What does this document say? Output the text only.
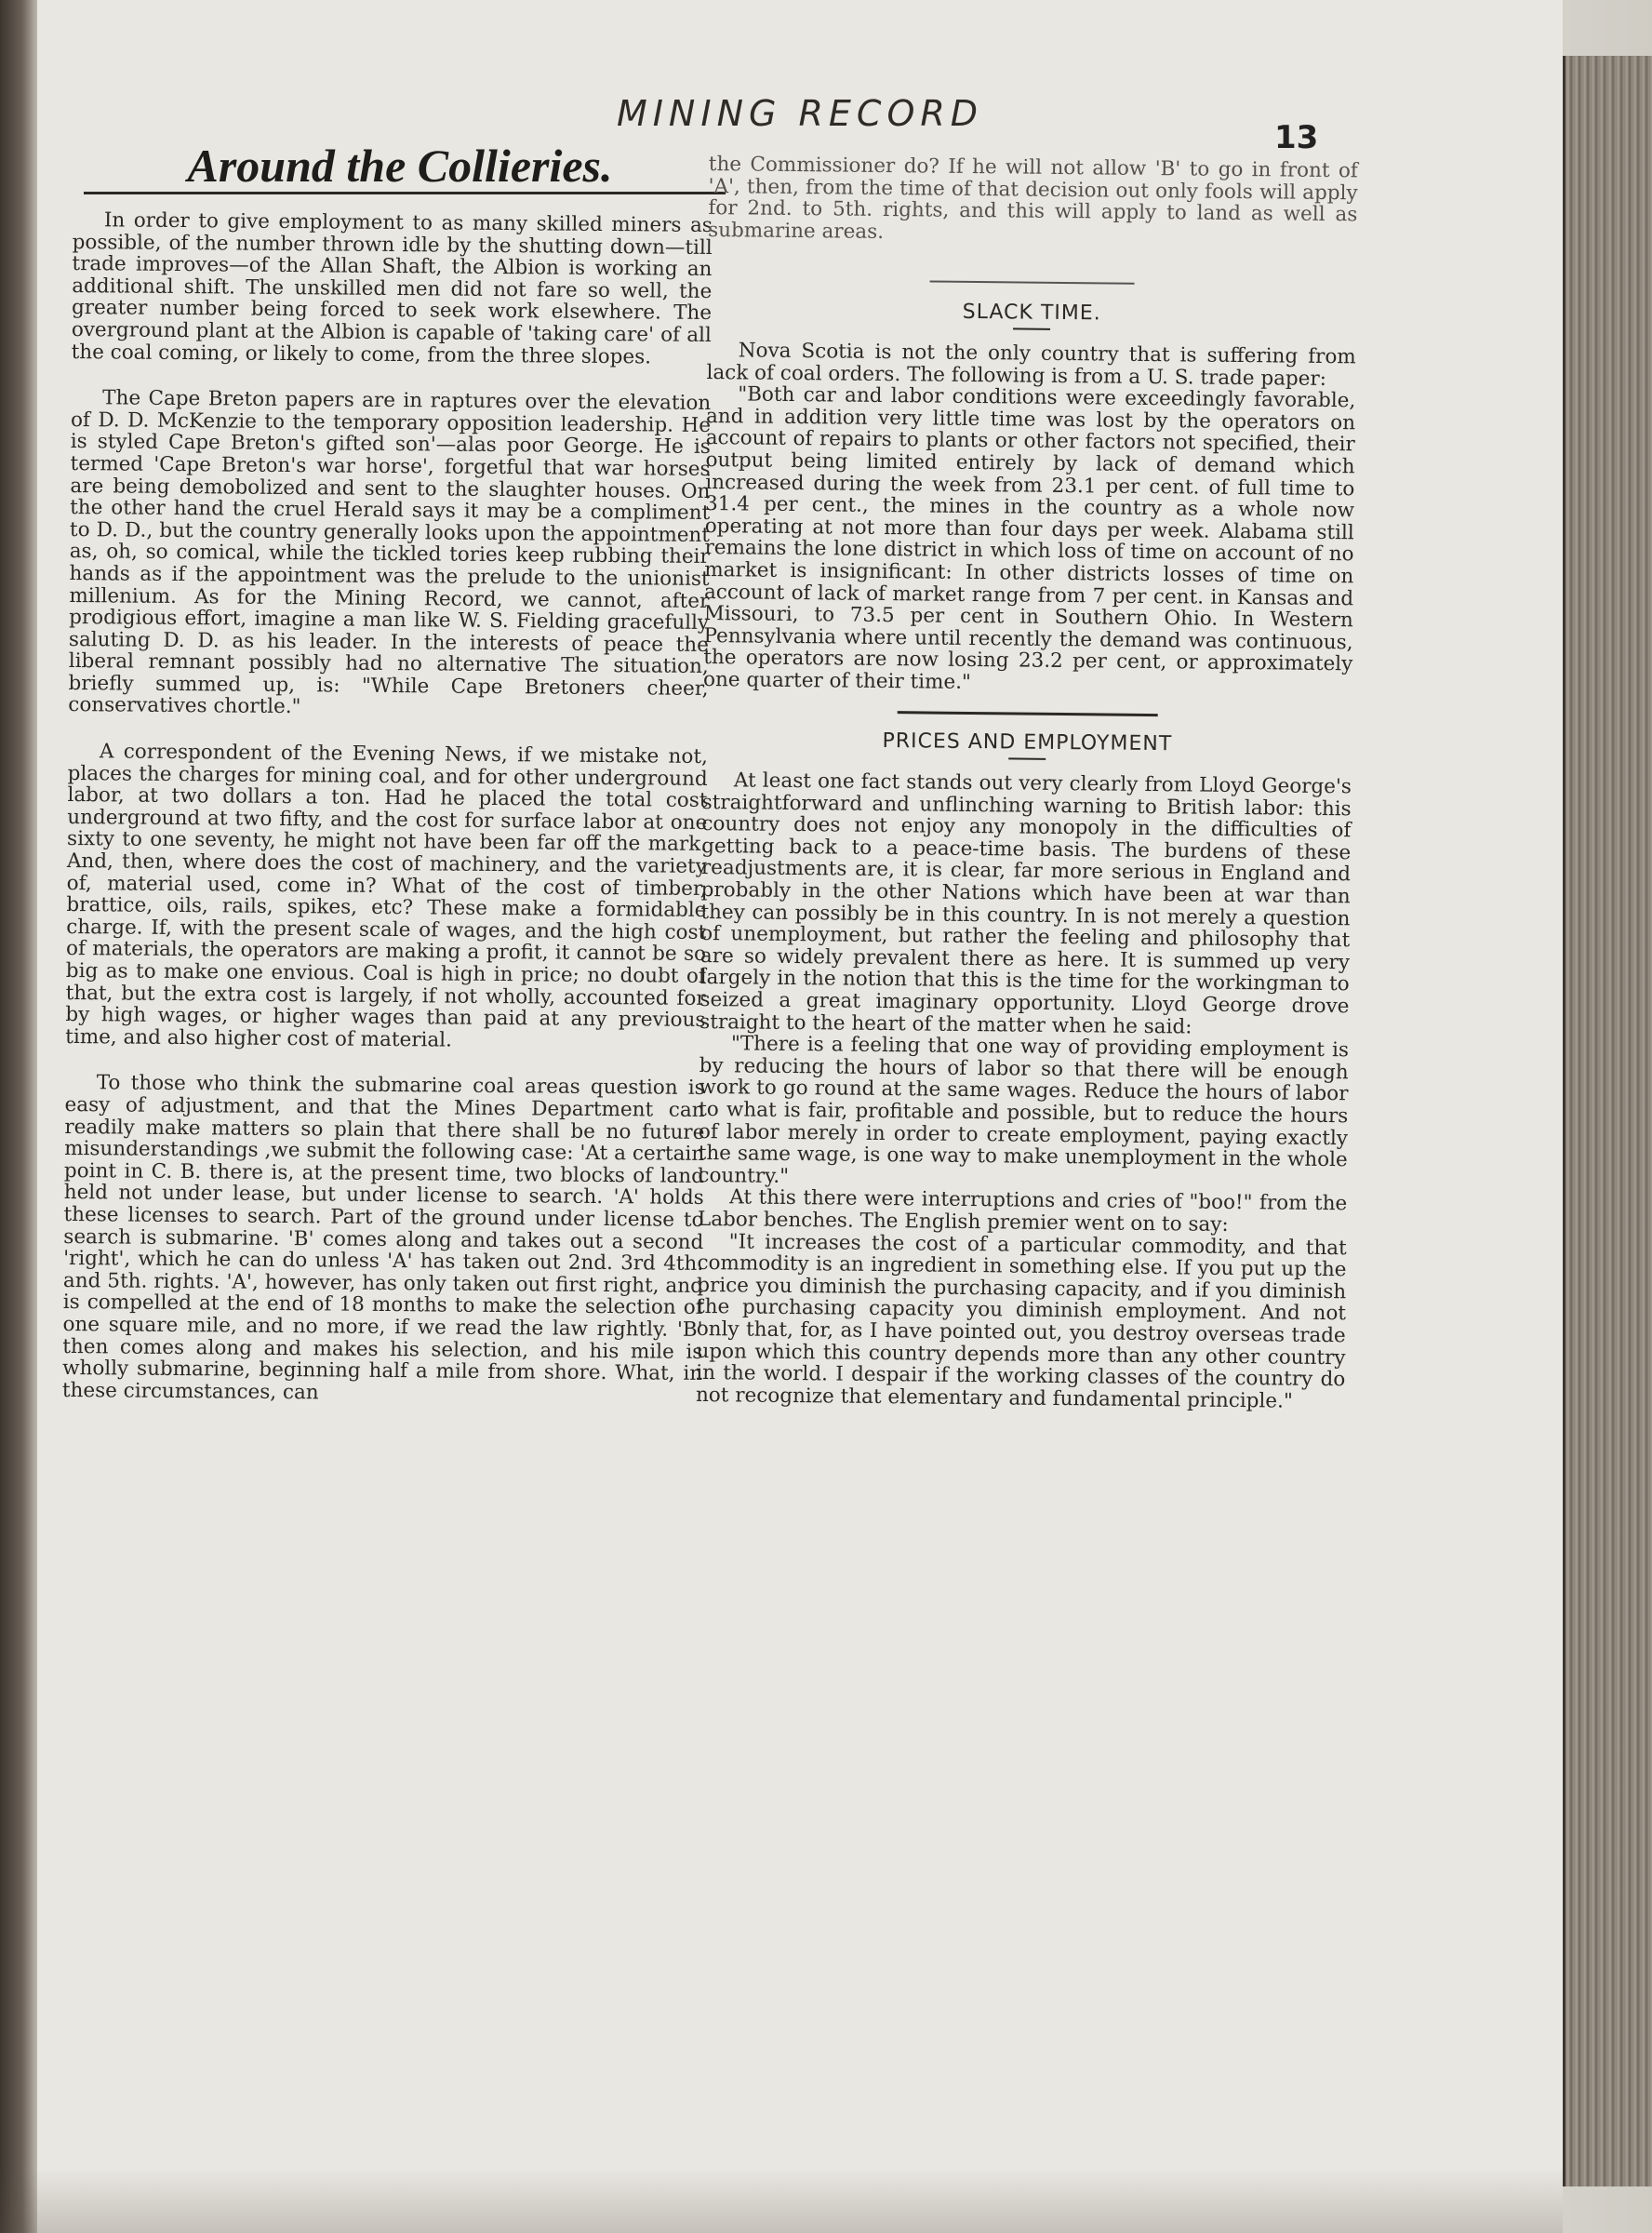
MINING RECORD
13
Around the Collieries.

In order to give employment to as many skilled miners as possible, of the number thrown idle by the shutting down—till trade improves—of the Allan Shaft, the Albion is working an additional shift. The unskilled men did not fare so well, the greater number being forced to seek work elsewhere. The overground plant at the Albion is capable of 'taking care' of all the coal coming, or likely to come, from the three slopes.

The Cape Breton papers are in raptures over the elevation of D. D. McKenzie to the temporary opposition leadership. He is styled Cape Breton's gifted son'—alas poor George. He is termed 'Cape Breton's war horse', forgetful that war horses are being demobolized and sent to the slaughter houses. On the other hand the cruel Herald says it may be a compliment to D. D., but the country generally looks upon the appointment as, oh, so comical, while the tickled tories keep rubbing their hands as if the appointment was the prelude to the unionist millenium. As for the Mining Record, we cannot, after prodigious effort, imagine a man like W. S. Fielding gracefully saluting D. D. as his leader. In the interests of peace the liberal remnant possibly had no alternative The situation, briefly summed up, is: "While Cape Bretoners cheer, conservatives chortle."

A correspondent of the Evening News, if we mistake not, places the charges for mining coal, and for other underground labor, at two dollars a ton. Had he placed the total cost underground at two fifty, and the cost for surface labor at one sixty to one seventy, he might not have been far off the mark. And, then, where does the cost of machinery, and the variety of, material used, come in? What of the cost of timber, brattice, oils, rails, spikes, etc? These make a formidable charge. If, with the present scale of wages, and the high cost of materials, the operators are making a profit, it cannot be so big as to make one envious. Coal is high in price; no doubt of that, but the extra cost is largely, if not wholly, accounted for by high wages, or higher wages than paid at any previous time, and also higher cost of material.

To those who think the submarine coal areas question is easy of adjustment, and that the Mines Department can readily make matters so plain that there shall be no future misunderstandings ,we submit the following case: 'At a certain point in C. B. there is, at the present time, two blocks of land held not under lease, but under license to search. 'A' holds these licenses to search. Part of the ground under license to search is submarine. 'B' comes along and takes out a second 'right', which he can do unless 'A' has taken out 2nd. 3rd 4th. and 5th. rights. 'A', however, has only taken out first right, and is compelled at the end of 18 months to make the selection of one square mile, and no more, if we read the law rightly. 'B' then comes along and makes his selection, and his mile is wholly submarine, beginning half a mile from shore. What, in these circumstances, can

the Commissioner do? If he will not allow 'B' to go in front of 'A', then, from the time of that decision out only fools will apply for 2nd. to 5th. rights, and this will apply to land as well as submarine areas.

SLACK TIME.

Nova Scotia is not the only country that is suffering from lack of coal orders. The following is from a U. S. trade paper:

"Both car and labor conditions were exceedingly favorable, and in addition very little time was lost by the operators on account of repairs to plants or other factors not specified, their output being limited entirely by lack of demand which increased during the week from 23.1 per cent. of full time to 31.4 per cent., the mines in the country as a whole now operating at not more than four days per week. Alabama still remains the lone district in which loss of time on account of no market is insignificant: In other districts losses of time on account of lack of market range from 7 per cent. in Kansas and Missouri, to 73.5 per cent in Southern Ohio. In Western Pennsylvania where until recently the demand was continuous, the operators are now losing 23.2 per cent, or approximately one quarter of their time."

PRICES AND EMPLOYMENT

At least one fact stands out very clearly from Lloyd George's straightforward and unflinching warning to British labor: this country does not enjoy any monopoly in the difficulties of getting back to a peace-time basis. The burdens of these readjustments are, it is clear, far more serious in England and probably in the other Nations which have been at war than they can possibly be in this country. In is not merely a question of unemployment, but rather the feeling and philosophy that are so widely prevalent there as here. It is summed up very largely in the notion that this is the time for the workingman to seized a great imaginary opportunity. Lloyd George drove straight to the heart of the matter when he said:

"There is a feeling that one way of providing employment is by reducing the hours of labor so that there will be enough work to go round at the same wages. Reduce the hours of labor to what is fair, profitable and possible, but to reduce the hours of labor merely in order to create employment, paying exactly the same wage, is one way to make unemployment in the whole country."

At this there were interruptions and cries of "boo!" from the Labor benches. The English premier went on to say:

"It increases the cost of a particular commodity, and that commodity is an ingredient in something else. If you put up the price you diminish the purchasing capacity, and if you diminish the purchasing capacity you diminish employment. And not only that, for, as I have pointed out, you destroy overseas trade upon which this country depends more than any other country in the world. I despair if the working classes of the country do not recognize that elementary and fundamental principle."
